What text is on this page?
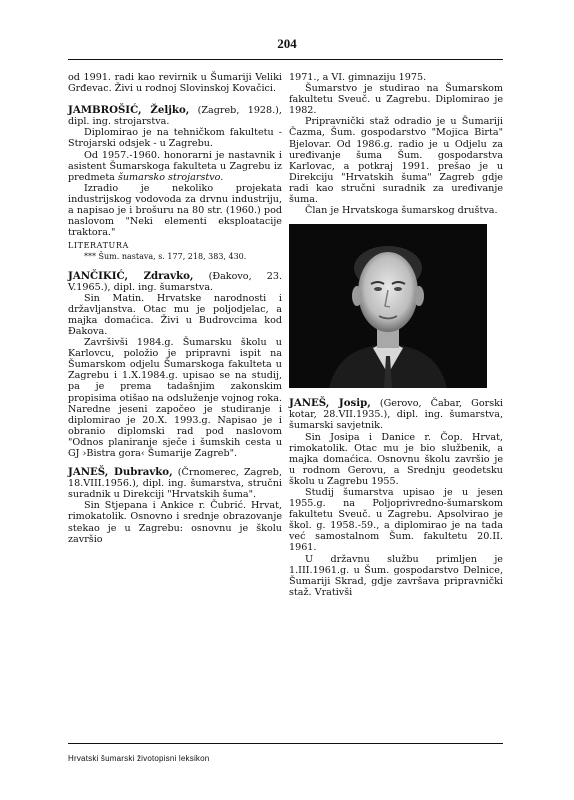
204

od 1991. radi kao revirnik u Šumariji Veliki Grđevac. Živi u rodnoj Slovinskoj Kovačici.

JAMBROŠIĆ, Željko, (Zagreb, 1928.), dipl. ing. strojarstva.

Diplomirao je na tehničkom fakultetu - Strojarski odsjek - u Zagrebu.

Od 1957.-1960. honorarni je nastavnik i asistent Šumarskoga fakulteta u Zagrebu iz predmeta šumarsko strojarstvo.

Izradio je nekoliko projekata industrijskog vodovoda za drvnu industriju, a napisao je i brošuru na 80 str. (1960.) pod naslovom "Neki elementi eksploatacije traktora."

LITERATURA
*** Šum. nastava, s. 177, 218, 383, 430.

JANČIKIĆ, Zdravko, (Đakovo, 23. V.1965.), dipl. ing. šumarstva.

Sin Matin. Hrvatske narodnosti i državljanstva. Otac mu je poljodjelac, a majka domaćica. Živi u Budrovcima kod Đakova.

Završivši 1984.g. Šumarsku školu u Karlovcu, položio je pripravni ispit na Šumarskom odjelu Šumarskoga fakulteta u Zagrebu i 1.X.1984.g. upisao se na studij, pa je prema tadašnjim zakonskim propisima otišao na odsluženje vojnog roka. Naredne jeseni započeo je studiranje i diplomirao je 20.X. 1993.g. Napisao je i obranio diplomski rad pod naslovom "Odnos planiranje sječe i šumskih cesta u GJ ›Bistra gora‹ Šumarije Zagreb".

JANEŠ, Dubravko, (Črnomerec, Zagreb, 18.VIII.1956.), dipl. ing. šumarstva, stručni suradnik u Direkciji "Hrvatskih šuma".

Sin Stjepana i Ankice r. Čubrić. Hrvat, rimokatolik. Osnovno i srednje obrazovanje stekao je u Zagrebu: osnovnu je školu završio

1971., a VI. gimnaziju 1975.

Šumarstvo je studirao na Šumarskom fakultetu Sveuč. u Zagrebu. Diplomirao je 1982.

Pripravnički staž odradio je u Šumariji Čazma, Šum. gospodarstvo "Mojica Birta" Bjelovar. Od 1986.g. radio je u Odjelu za uređivanje šuma Šum. gospodarstva Karlovac, a potkraj 1991. prešao je u Direkciju "Hrvatskih šuma" Zagreb gdje radi kao stručni suradnik za uređivanje šuma.

Član je Hrvatskoga šumarskog društva.

JANEŠ, Josip, (Gerovo, Čabar, Gorski kotar, 28.VII.1935.), dipl. ing. šumarstva, šumarski savjetnik.

Sin Josipa i Danice r. Čop. Hrvat, rimokatolik. Otac mu je bio službenik, a majka domaćica. Osnovnu školu završio je u rodnom Gerovu, a Srednju geodetsku školu u Zagrebu 1955.

Studij šumarstva upisao je u jesen 1955.g. na Poljoprivredno-šumarskom fakultetu Sveuč. u Zagrebu. Apsolvirao je škol. g. 1958.-59., a diplomirao je na tada već samostalnom Šum. fakultetu 20.II. 1961.

U državnu službu primljen je 1.III.1961.g. u Šum. gospodarstvo Delnice, Šumariji Skrad, gdje završava pripravnički staž. Vrativši

Hrvatski šumarski životopisni leksikon
